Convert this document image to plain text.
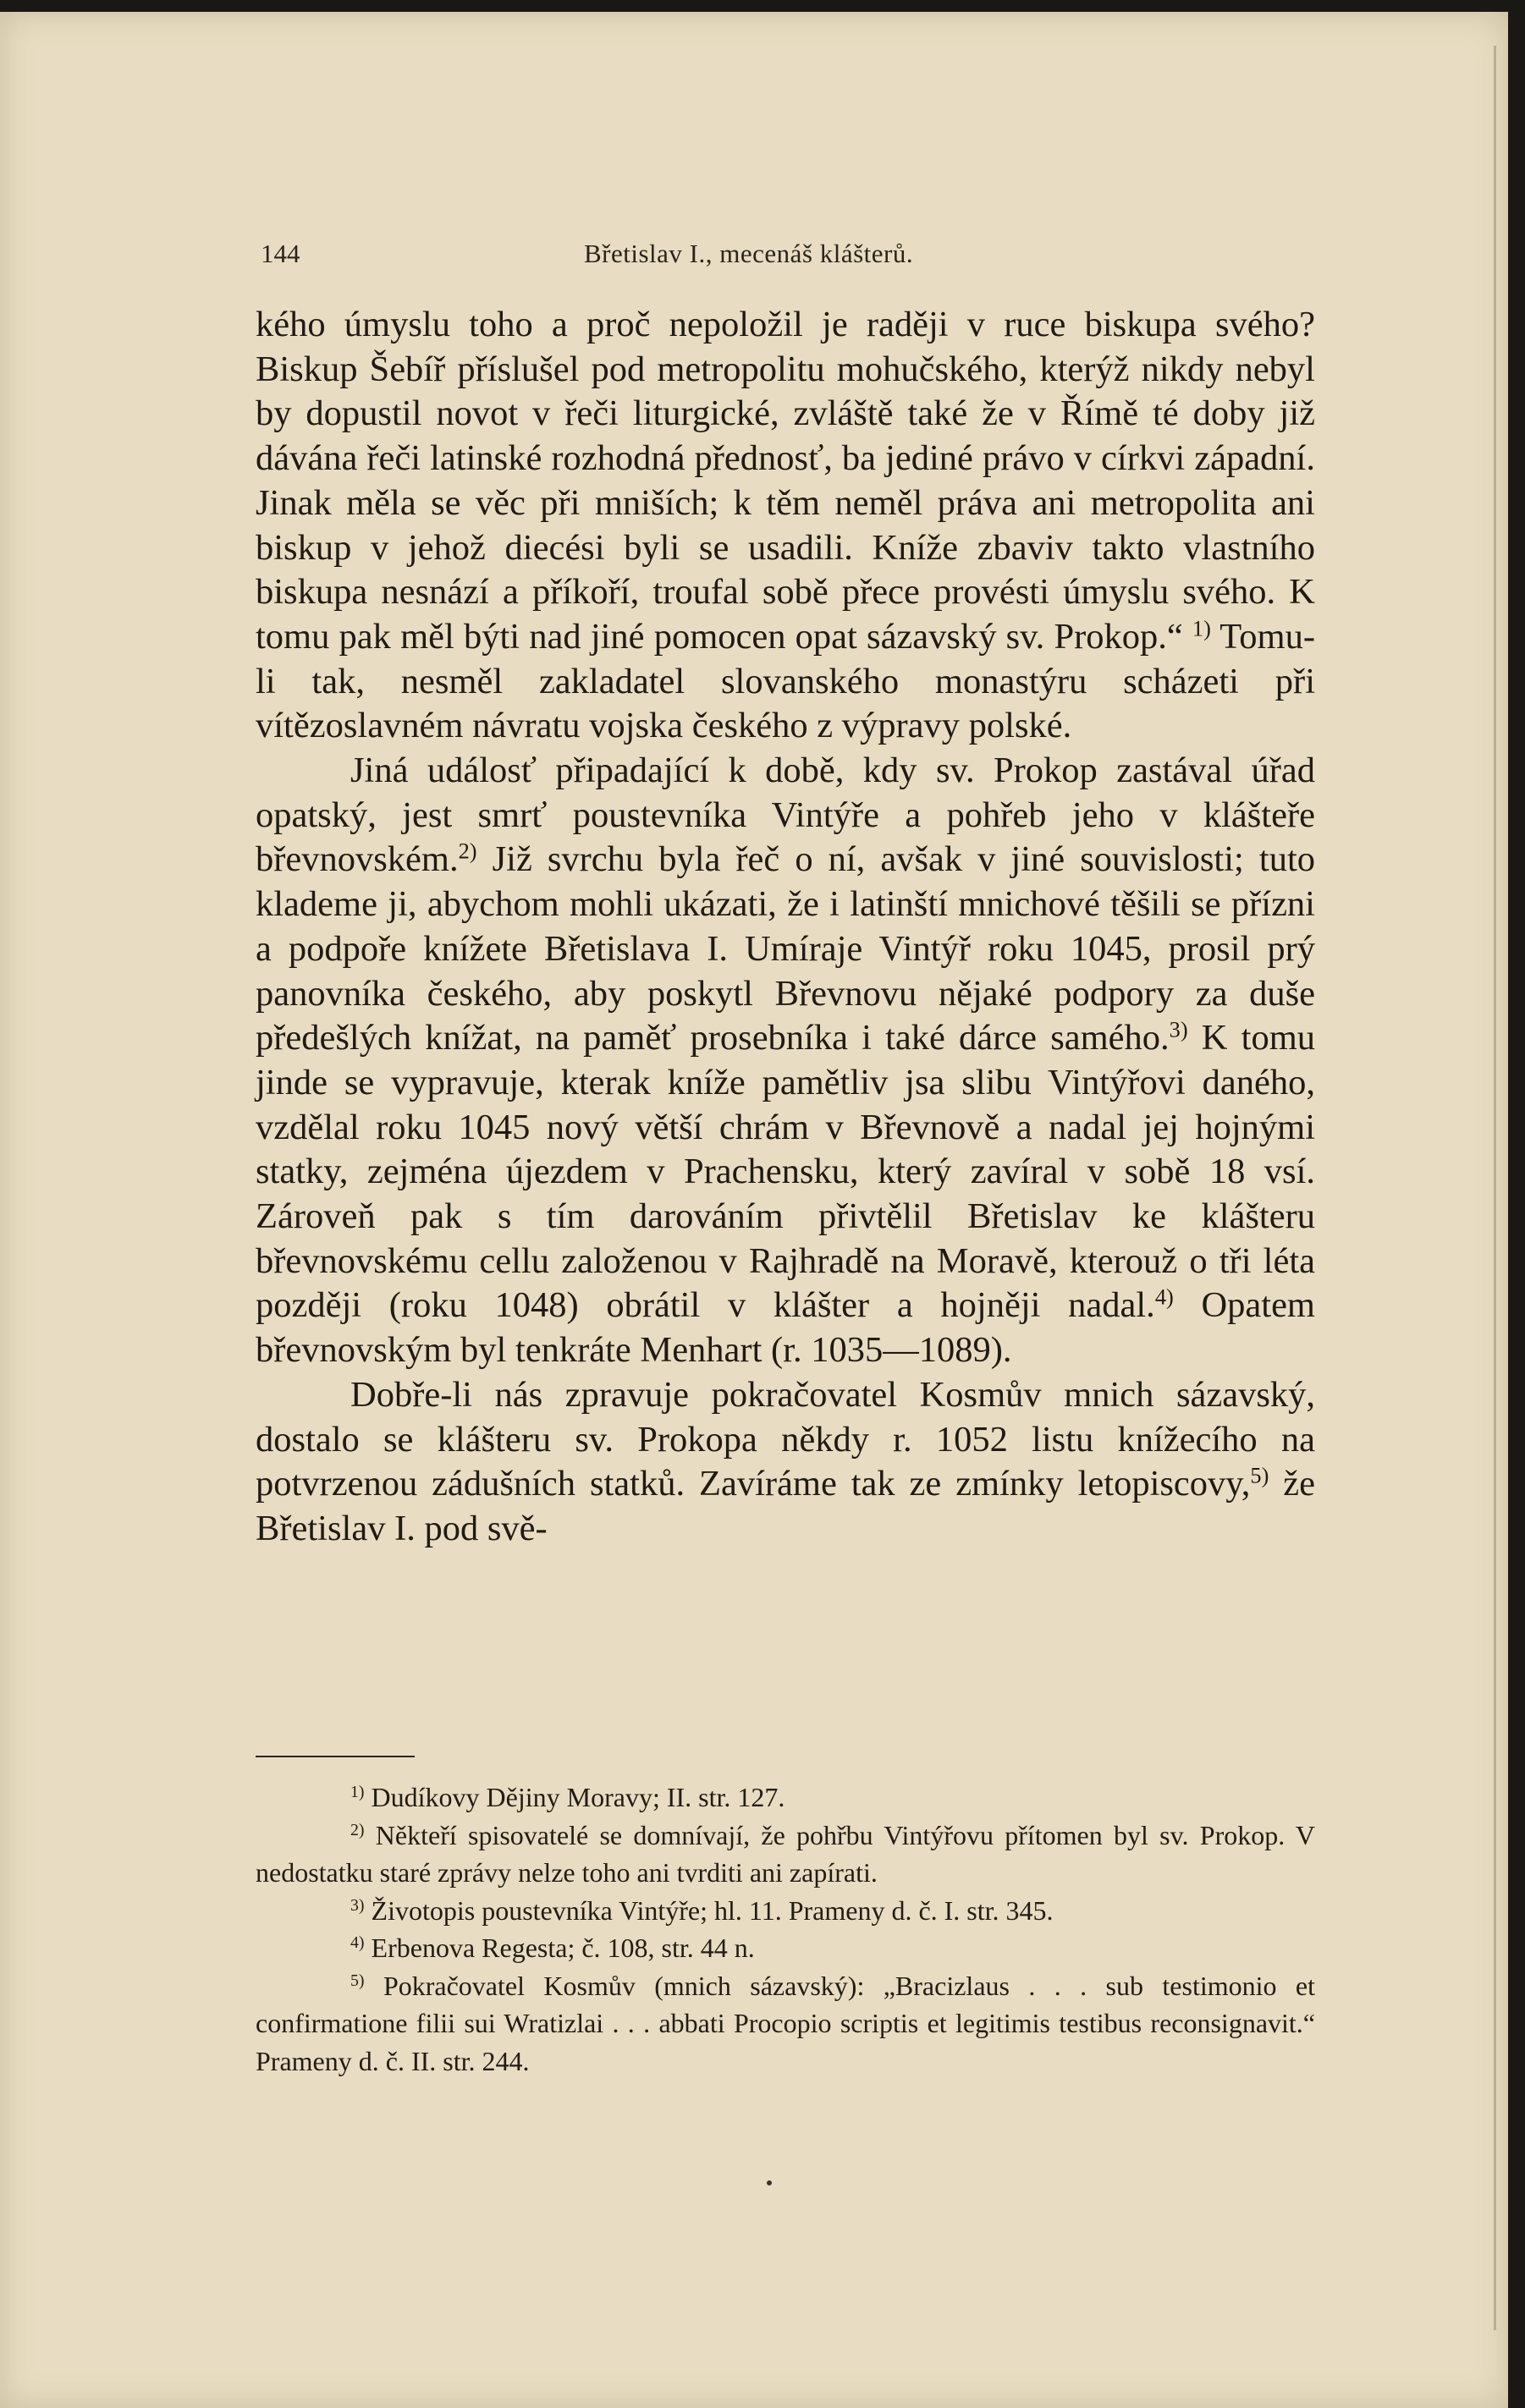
144	Břetislav I., mecenáš klášterů.

kého úmyslu toho a proč nepoložil je raději v ruce biskupa svého? Biskup Šebíř příslušel pod metropolitu mohučského, kterýž nikdy nebyl by dopustil novot v řeči liturgické, zvláště také že v Římě té doby již dávána řeči latinské rozhodná přednosť, ba jediné právo v církvi západní. Jinak měla se věc při mniších; k těm neměl práva ani metropolita ani biskup v jehož diecési byli se usadili. Kníže zbaviv takto vlastního biskupa nesnází a příkoří, troufal sobě přece provésti úmyslu svého. K tomu pak měl býti nad jiné pomocen opat sázavský sv. Prokop.“ $^{1)}$ Tomu-li tak, nesměl zakladatel slovanského monastýru scházeti při vítězoslavném návratu vojska českého z výpravy polské.

Jiná událosť připadající k době, kdy sv. Prokop zastával úřad opatský, jest smrť poustevníka Vintýře a pohřeb jeho v klášteře břevnovském.$^{2)}$ Již svrchu byla řeč o ní, avšak v jiné souvislosti; tuto klademe ji, abychom mohli ukázati, že i latinští mnichové těšili se přízni a podpoře knížete Břetislava I. Umíraje Vintýř roku 1045, prosil prý panovníka českého, aby poskytl Břevnovu nějaké podpory za duše předešlých knížat, na paměť prosebníka i také dárce samého.$^{3)}$ K tomu jinde se vypravuje, kterak kníže pamětliv jsa slibu Vintýřovi daného, vzdělal roku 1045 nový větší chrám v Břevnově a nadal jej hojnými statky, zejména újezdem v Prachensku, který zavíral v sobě 18 vsí. Zároveň pak s tím darováním přivtělil Břetislav ke klášteru břevnovskému cellu založenou v Rajhradě na Moravě, kterouž o tři léta později (roku 1048) obrátil v klášter a hojněji nadal.$^{4)}$ Opatem břevnovským byl tenkráte Menhart (r. 1035—1089).

Dobře-li nás zpravuje pokračovatel Kosmův mnich sázavský, dostalo se klášteru sv. Prokopa někdy r. 1052 listu knížecího na potvrzenou zádušních statků. Zavíráme tak ze zmínky letopiscovy,$^{5)}$ že Břetislav I. pod svě-

$^{1)}$ Dudíkovy Dějiny Moravy; II. str. 127.

$^{2)}$ Někteří spisovatelé se domnívají, že pohřbu Vintýřovu přítomen byl sv. Prokop. V nedostatku staré zprávy nelze toho ani tvrditi ani zapírati.

$^{3)}$ Životopis poustevníka Vintýře; hl. 11. Prameny d. č. I. str. 345.

$^{4)}$ Erbenova Regesta; č. 108, str. 44 n.

$^{5)}$ Pokračovatel Kosmův (mnich sázavský): „Bracizlaus . . . sub testimonio et confirmatione filii sui Wratizlai . . . abbati Procopio scriptis et legitimis testibus reconsignavit.“ Prameny d. č. II. str. 244.
